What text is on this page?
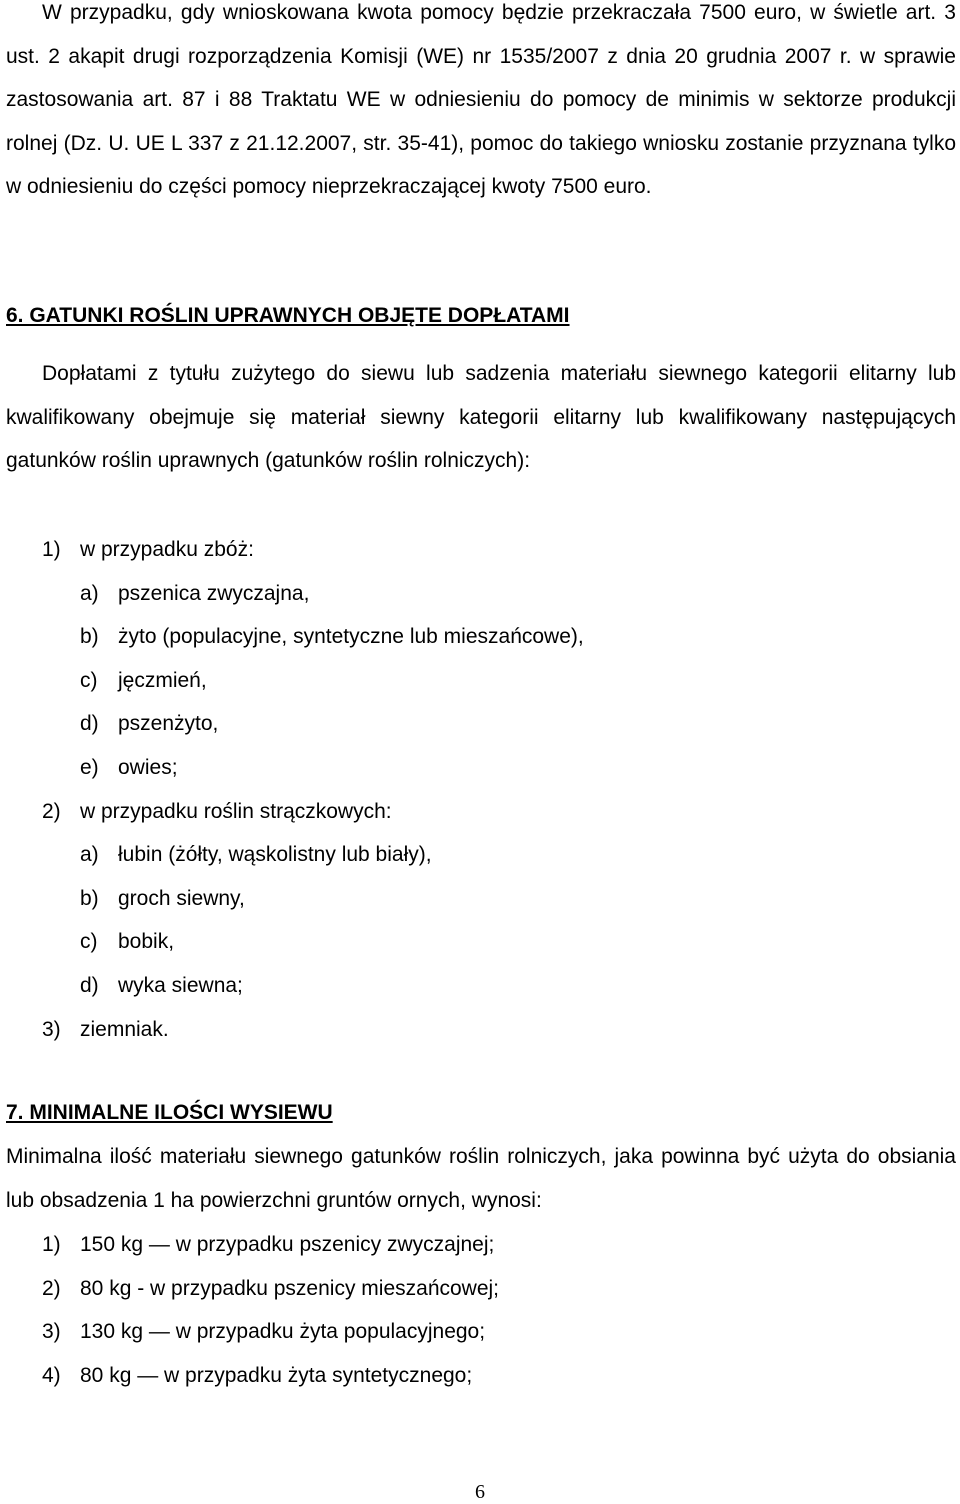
W przypadku, gdy wnioskowana kwota pomocy będzie przekraczała 7500 euro, w świetle art. 3 ust. 2 akapit drugi rozporządzenia Komisji (WE) nr 1535/2007 z dnia 20 grudnia 2007 r. w sprawie zastosowania art. 87 i 88 Traktatu WE w odniesieniu do pomocy de minimis w sektorze produkcji rolnej (Dz. U. UE L 337 z 21.12.2007, str. 35-41), pomoc do takiego wniosku zostanie przyznana tylko w odniesieniu do części pomocy nieprzekraczającej kwoty 7500 euro.

6. GATUNKI ROŚLIN UPRAWNYCH OBJĘTE DOPŁATAMI

Dopłatami z tytułu zużytego do siewu lub sadzenia materiału siewnego kategorii elitarny lub kwalifikowany obejmuje się materiał siewny kategorii elitarny lub kwalifikowany następujących gatunków roślin uprawnych (gatunków roślin rolniczych):

1) w przypadku zbóż:
a) pszenica zwyczajna,
b) żyto (populacyjne, syntetyczne lub mieszańcowe),
c) jęczmień,
d) pszenżyto,
e) owies;
2) w przypadku roślin strączkowych:
a) łubin (żółty, wąskolistny lub biały),
b) groch siewny,
c) bobik,
d) wyka siewna;
3) ziemniak.
7. MINIMALNE ILOŚCI WYSIEWU

Minimalna ilość materiału siewnego gatunków roślin rolniczych, jaka powinna być użyta do obsiania lub obsadzenia 1 ha powierzchni gruntów ornych, wynosi:

1) 150 kg — w przypadku pszenicy zwyczajnej;
2) 80 kg - w przypadku pszenicy mieszańcowej;
3) 130 kg — w przypadku żyta populacyjnego;
4) 80 kg — w przypadku żyta syntetycznego;
6
